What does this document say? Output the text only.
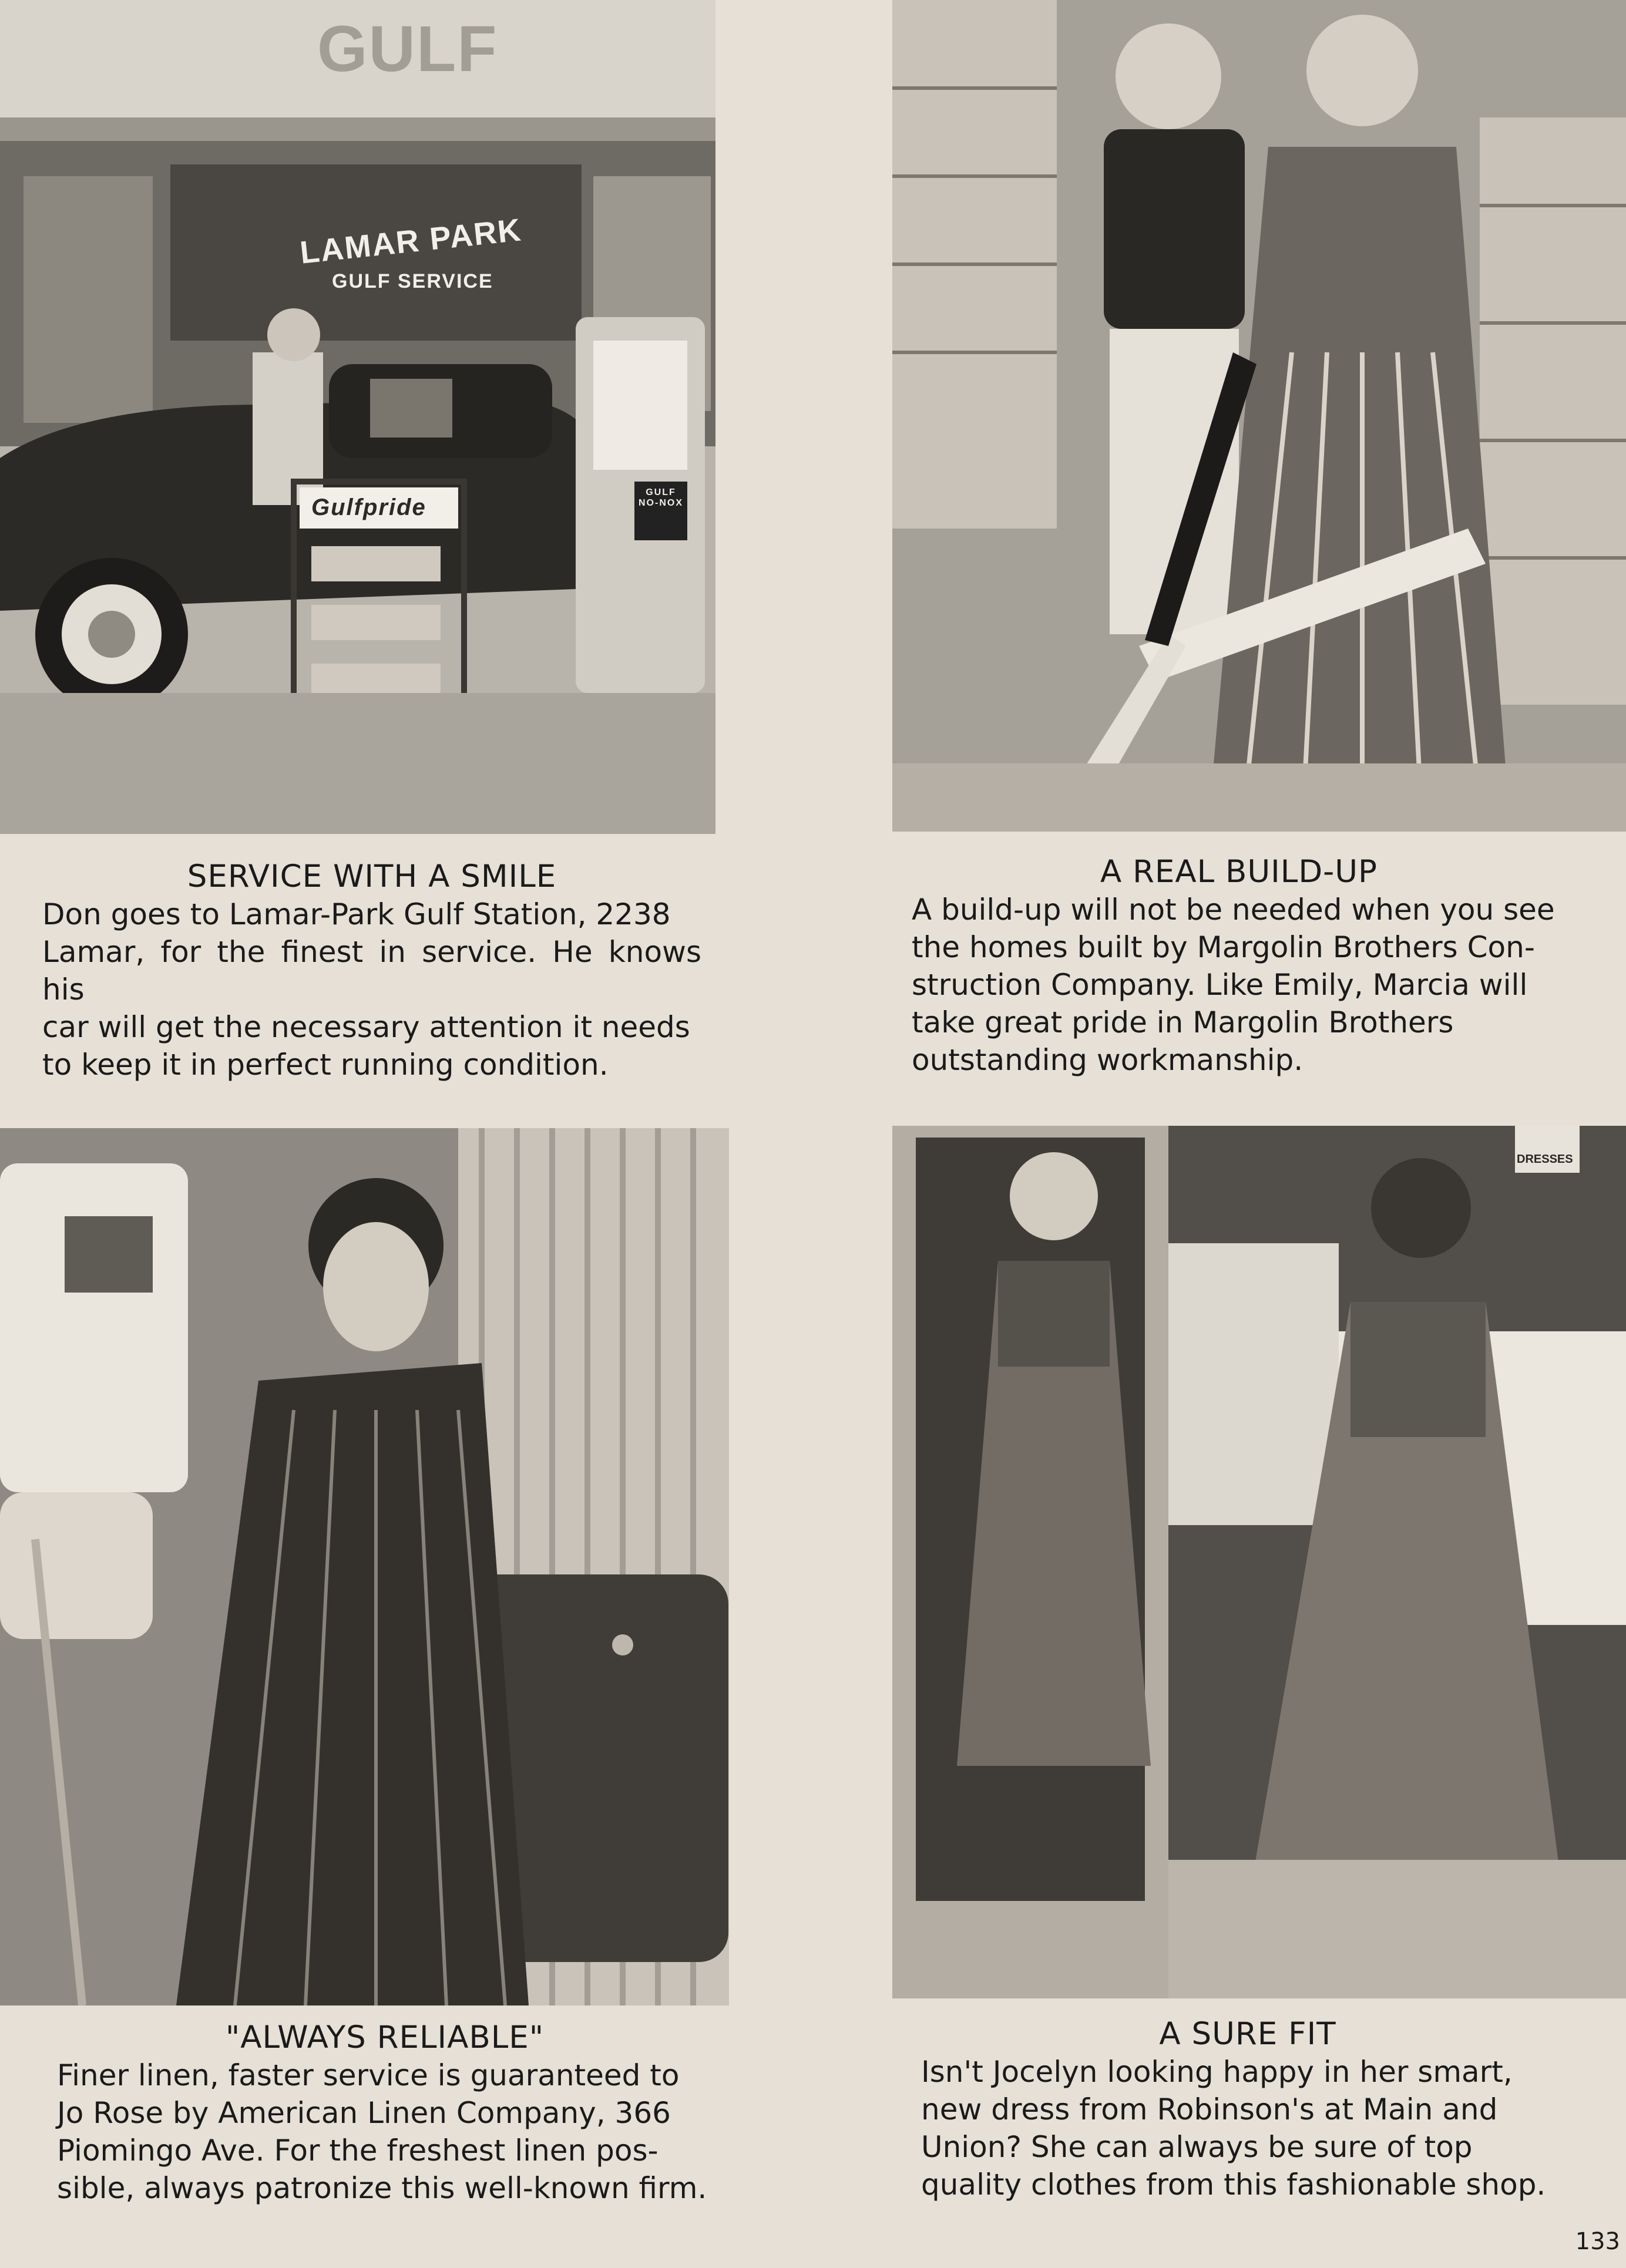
GULF
LAMAR PARK
GULF SERVICE
Gulfpride
GULF NO-NOX
DRESSES
SERVICE WITH A SMILE

Don goes to Lamar-Park Gulf Station, 2238

Lamar, for the finest in service. He knows his

car will get the necessary attention it needs

to keep it in perfect running condition.

A REAL BUILD-UP

A build-up will not be needed when you see

the homes built by Margolin Brothers Con-

struction Company. Like Emily, Marcia will

take great pride in Margolin Brothers

outstanding workmanship.

"ALWAYS RELIABLE"

Finer linen, faster service is guaranteed to

Jo Rose by American Linen Company, 366

Piomingo Ave. For the freshest linen pos-

sible, always patronize this well-known firm.

A SURE FIT

Isn't Jocelyn looking happy in her smart,

new dress from Robinson's at Main and

Union? She can always be sure of top

quality clothes from this fashionable shop.

133
